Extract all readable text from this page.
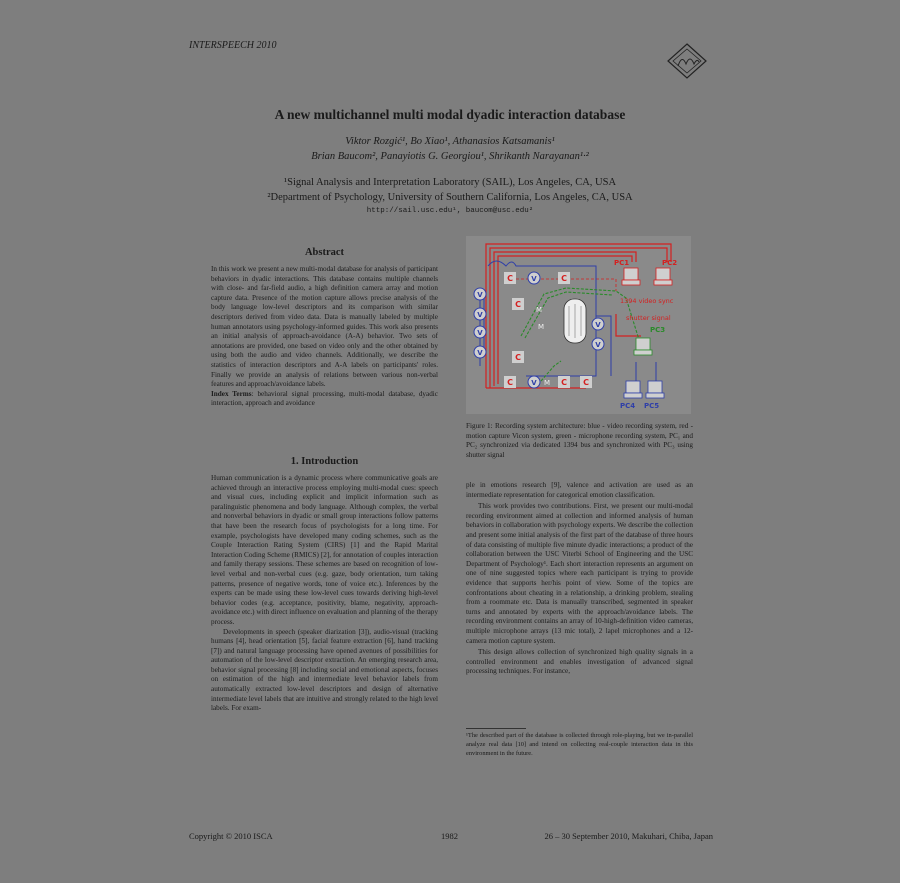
INTERSPEECH 2010
A new multichannel multi modal dyadic interaction database
Viktor Rozgić¹, Bo Xiao¹, Athanasios Katsamanis¹
Brian Baucom², Panayiotis G. Georgiou¹, Shrikanth Narayanan¹·²
¹Signal Analysis and Interpretation Laboratory (SAIL), Los Angeles, CA, USA
²Department of Psychology, University of Southern California, Los Angeles, CA, USA
http://sail.usc.edu¹, baucom@usc.edu²
Abstract

In this work we present a new multi-modal database for analysis of participant behaviors in dyadic interactions. This database contains multiple channels with close- and far-field audio, a high definition camera array and motion capture data. Presence of the motion capture allows precise analysis of the body language low-level descriptors and its comparison with similar descriptors derived from video data. Data is manually labeled by multiple human annotators using psychology-informed guides. This work also presents an initial analysis of approach-avoidance (A-A) behavior. Two sets of annotations are provided, one based on video only and the other obtained by using both the audio and video channels. Additionally, we describe the statistics of interaction descriptors and A-A labels on participants' roles. Finally we provide an analysis of relations between various non-verbal features and approach/avoidance labels.

Index Terms: behavioral signal processing, multi-modal database, dyadic interaction, approach and avoidance

1. Introduction

Human communication is a dynamic process where communicative goals are achieved through an interactive process employing multi-modal cues: speech and visual cues, including explicit and implicit information such as paralinguistic phenomena and body language. Although complex, the verbal and nonverbal behaviors in dyadic or small group interactions follow patterns that have been the research focus of psychologists for a long time. For example, psychologists have developed many coding schemes, such as the Couple Interaction Rating System (CIRS) [1] and the Rapid Marital Interaction Coding Scheme (RMICS) [2], for annotation of couples interaction and family therapy sessions. These schemes are based on recognition of low-level verbal and non-verbal cues (e.g. gaze, body orientation, turn taking patterns, presence of negative words, tone of voice etc.). Inferences by the experts can be made using these low-level cues towards deriving high-level behavior codes (e.g. acceptance, positivity, blame, negativity, approach-avoidance etc.) with direct influence on evaluation and planning of the therapy process.

Developments in speech (speaker diarization [3]), audio-visual (tracking humans [4], head orientation [5], facial feature extraction [6], hand tracking [7]) and natural language processing have opened avenues of possibilities for automation of the low-level descriptor extraction. An emerging research area, behavior signal processing [8] including social and emotional aspects, focuses on estimation of the high and intermediate level behavior labels from automatically extracted low-level descriptors and design of alternative intermediate level labels that are intuitive and strongly related to the high level labels. For exam-

C
C
C
C
C
C C
V
V
V
V
V
V
V
V
M
M
M
PC1	PC2
PC3
PC4 PC5
1394 video sync
shutter signal
Figure 1: Recording system architecture: blue - video recording system, red - motion capture Vicon system, green - microphone recording system, PC₁ and PC₂ synchronized via dedicated 1394 bus and synchronized with PC₃ using shutter signal

ple in emotions research [9], valence and activation are used as an intermediate representation for categorical emotion classification.

This work provides two contributions. First, we present our multi-modal recording environment aimed at collection and informed analysis of human behaviors in collaboration with psychology experts. We describe the collection and present some initial analysis of the first part of the database of three hours of data consisting of multiple five minute dyadic interactions; a product of the collaboration between the USC Viterbi School of Engineering and the USC Department of Psychology¹. Each short interaction represents an argument on one of nine suggested topics where each participant is trying to provide evidence that supports her/his point of view. Some of the topics are confrontations about cheating in a relationship, a drinking problem, stealing from a roommate etc. Data is manually transcribed, segmented in speaker turns and annotated by experts with the approach/avoidance labels. The recording environment contains an array of 10-high-definition video cameras, multiple microphone arrays (13 mic total), 2 lapel microphones and a 12-camera motion capture system.

This design allows collection of synchronized high quality signals in a controlled environment and enables investigation of advanced signal processing techniques. For instance,

¹The described part of the database is collected through role-playing, but we in-parallel analyze real data [10] and intend on collecting real-couple interaction data in this environment in the future.
Copyright © 2010 ISCA	1982	26 – 30 September 2010, Makuhari, Chiba, Japan
